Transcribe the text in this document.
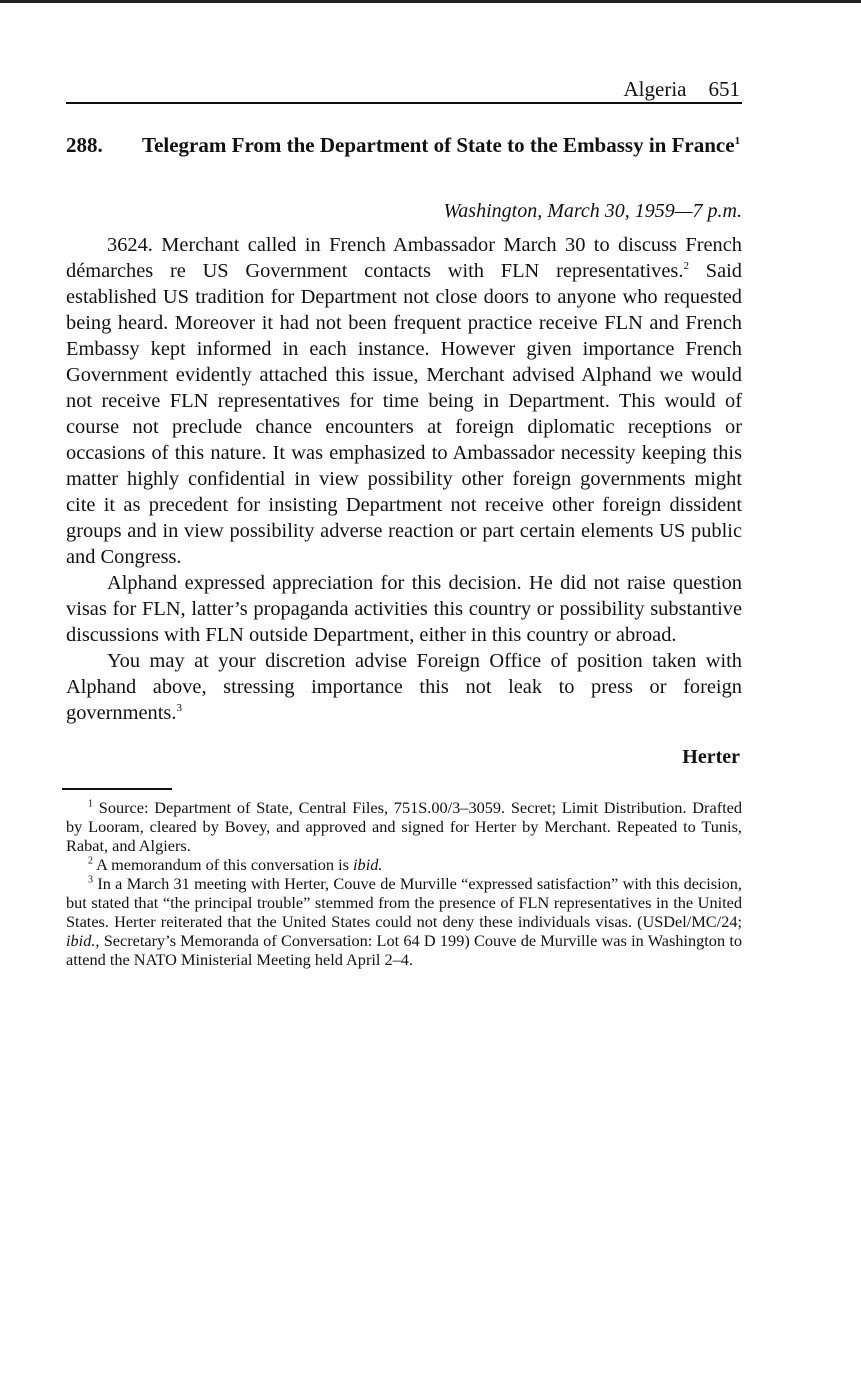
Algeria 651
288.	Telegram From the Department of State to the Embassy in France$^1$
Washington, March 30, 1959—7 p.m.

3624. Merchant called in French Ambassador March 30 to discuss French démarches re US Government contacts with FLN representatives.$^2$ Said established US tradition for Department not close doors to anyone who requested being heard. Moreover it had not been frequent practice receive FLN and French Embassy kept informed in each instance. However given importance French Government evidently attached this issue, Merchant advised Alphand we would not receive FLN representatives for time being in Department. This would of course not preclude chance encounters at foreign diplomatic receptions or occasions of this nature. It was emphasized to Ambassador necessity keeping this matter highly confidential in view possibility other foreign governments might cite it as precedent for insisting Department not receive other foreign dissident groups and in view possibility adverse reaction or part certain elements US public and Congress.

Alphand expressed appreciation for this decision. He did not raise question visas for FLN, latter’s propaganda activities this country or possibility substantive discussions with FLN outside Department, either in this country or abroad.

You may at your discretion advise Foreign Office of position taken with Alphand above, stressing importance this not leak to press or foreign governments.$^3$

Herter

$^1$ Source: Department of State, Central Files, 751S.00/3–3059. Secret; Limit Distribution. Drafted by Looram, cleared by Bovey, and approved and signed for Herter by Merchant. Repeated to Tunis, Rabat, and Algiers.

$^2$ A memorandum of this conversation is ibid.

$^3$ In a March 31 meeting with Herter, Couve de Murville “expressed satisfaction” with this decision, but stated that “the principal trouble” stemmed from the presence of FLN representatives in the United States. Herter reiterated that the United States could not deny these individuals visas. (USDel/MC/24; ibid., Secretary’s Memoranda of Conversation: Lot 64 D 199) Couve de Murville was in Washington to attend the NATO Ministerial Meeting held April 2–4.
